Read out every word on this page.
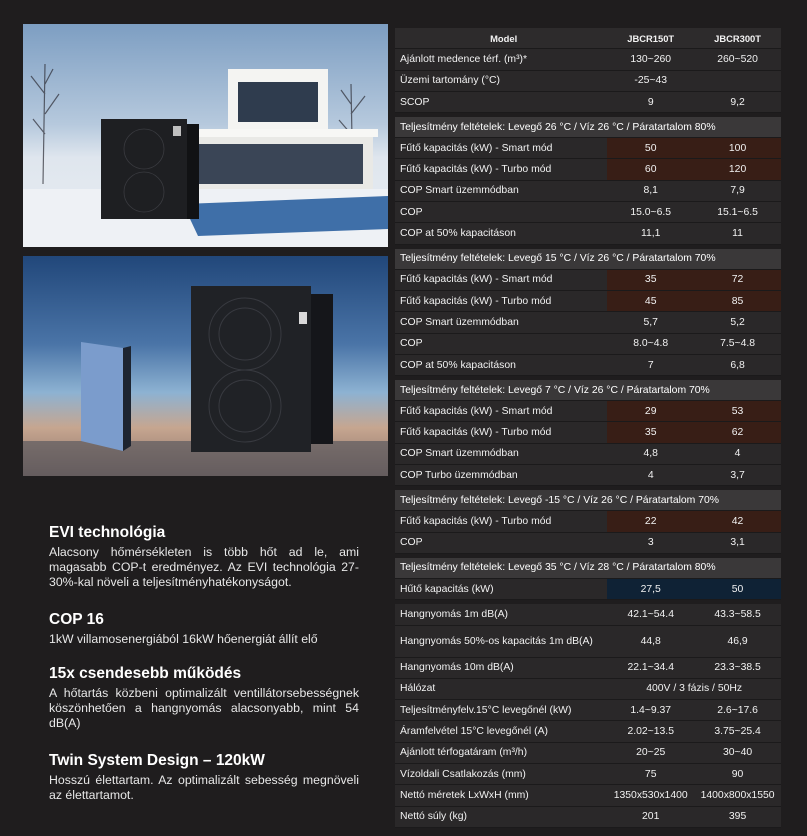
EVI technológia

Alacsony hőmérsékleten is több hőt ad le, ami magasabb COP-t eredményez. Az EVI technológia 27-30%-kal növeli a teljesítményhatékonyságot.

COP 16

1kW villamosenergiából 16kW hőenergiát állít elő

15x csendesebb működés

A hőtartás közbeni optimalizált ventillátorsebességnek köszönhetően a hangnyomás alacsonyabb, mint 54 dB(A)

Twin System Design – 120kW

Hosszú élettartam. Az optimalizált sebesség megnöveli az élettartamot.

Model	JBCR150T	JBCR300T
Ajánlott medence térf. (m³)*	130~260	260~520
Üzemi tartomány (°C)	-25~43
SCOP	9	9,2
Teljesítmény feltételek: Levegő 26 °C / Víz 26 °C / Páratartalom 80%
Fűtő kapacitás (kW) - Smart mód	50	100
Fűtő kapacitás (kW) - Turbo mód	60	120
COP Smart üzemmódban	8,1	7,9
COP	15.0~6.5	15.1~6.5
COP at 50% kapacitáson	11,1	11
Teljesítmény feltételek: Levegő 15 °C / Víz 26 °C / Páratartalom 70%
Fűtő kapacitás (kW) - Smart mód	35	72
Fűtő kapacitás (kW) - Turbo mód	45	85
COP Smart üzemmódban	5,7	5,2
COP	8.0~4.8	7.5~4.8
COP at 50% kapacitáson	7	6,8
Teljesítmény feltételek: Levegő 7 °C / Víz 26 °C / Páratartalom 70%
Fűtő kapacitás (kW) - Smart mód	29	53
Fűtő kapacitás (kW) - Turbo mód	35	62
COP Smart üzemmódban	4,8	4
COP Turbo üzemmódban	4	3,7
Teljesítmény feltételek: Levegő -15 °C / Víz 26 °C / Páratartalom 70%
Fűtő kapacitás (kW) - Turbo mód	22	42
COP	3	3,1
Teljesítmény feltételek: Levegő 35 °C / Víz 28 °C / Páratartalom 80%
Hűtő kapacitás (kW)	27,5	50
Hangnyomás 1m dB(A)	42.1~54.4	43.3~58.5
Hangnyomás 50%-os kapacitás 1m dB(A)	44,8	46,9
Hangnyomás 10m dB(A)	22.1~34.4	23.3~38.5
Hálózat	400V / 3 fázis / 50Hz
Teljesítményfelv.15°C levegőnél (kW)	1.4~9.37	2.6~17.6
Áramfelvétel 15°C levegőnél (A)	2.02~13.5	3.75~25.4
Ajánlott térfogatáram (m³/h)	20~25	30~40
Vízoldali Csatlakozás (mm)	75	90
Nettó méretek LxWxH (mm)	1350x530x1400	1400x800x1550
Nettó súly (kg)	201	395
